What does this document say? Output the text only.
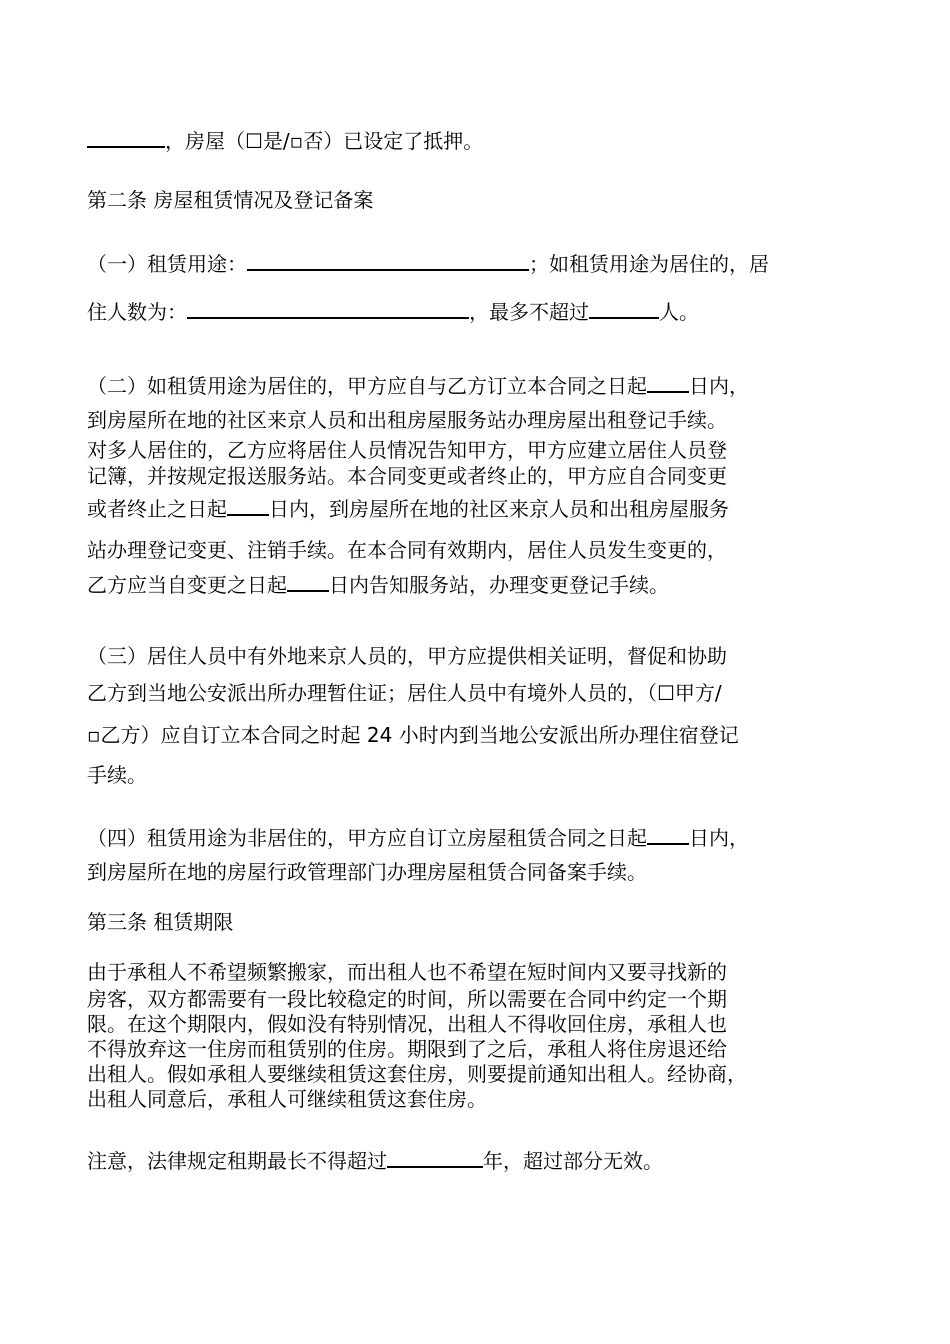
，房屋（☐是/▫否）已设定了抵押。
第二条 房屋租赁情况及登记备案
（一）租赁用途：	；如租赁用途为居住的，居
住人数为：	，最多不超过	人。
（二）如租赁用途为居住的，甲方应自与乙方订立本合同之日起 日内，
到房屋所在地的社区来京人员和出租房屋服务站办理房屋出租登记手续。
对多人居住的，乙方应将居住人员情况告知甲方，甲方应建立居住人员登
记簿，并按规定报送服务站。本合同变更或者终止的，甲方应自合同变更
或者终止之日起 日内，到房屋所在地的社区来京人员和出租房屋服务
站办理登记变更、注销手续。在本合同有效期内，居住人员发生变更的，
乙方应当自变更之日起 日内告知服务站，办理变更登记手续。
（三）居住人员中有外地来京人员的，甲方应提供相关证明，督促和协助
乙方到当地公安派出所办理暂住证；居住人员中有境外人员的，（☐甲方/
▫乙方）应自订立本合同之时起 24 小时内到当地公安派出所办理住宿登记
手续。
（四）租赁用途为非居住的，甲方应自订立房屋租赁合同之日起 日内，
到房屋所在地的房屋行政管理部门办理房屋租赁合同备案手续。
第三条 租赁期限
由于承租人不希望频繁搬家，而出租人也不希望在短时间内又要寻找新的
房客，双方都需要有一段比较稳定的时间，所以需要在合同中约定一个期
限。在这个期限内，假如没有特别情况，出租人不得收回住房，承租人也
不得放弃这一住房而租赁别的住房。期限到了之后，承租人将住房退还给
出租人。假如承租人要继续租赁这套住房，则要提前通知出租人。经协商，
出租人同意后，承租人可继续租赁这套住房。
注意，法律规定租期最长不得超过	年，超过部分无效。
